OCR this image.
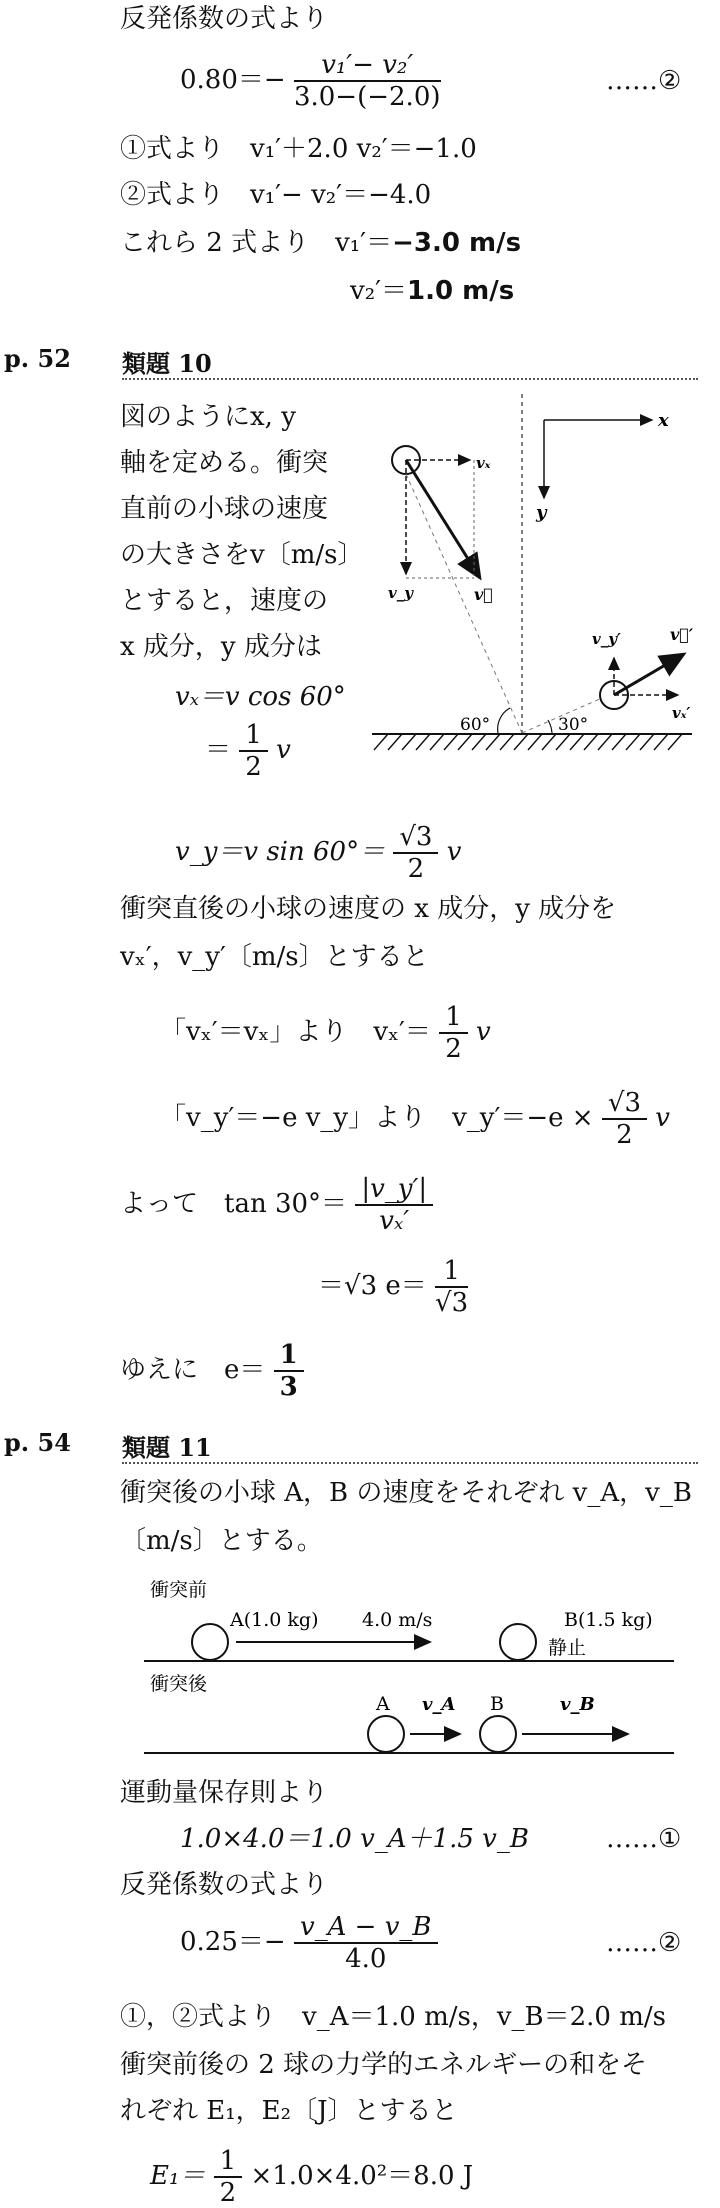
反発係数の式より
$0.80=- \frac{\text{v₁′− v₂′}}{3.0-(-2.0)}$	……②
①式より　v₁′＋2.0 v₂′＝−1.0
②式より　v₁′− v₂′＝−4.0
これら 2 式より　v₁′＝−3.0 m/s
v₂′＝1.0 m/s
p. 52 類題 10
図のようにx, y
軸を定める。衝突
直前の小球の速度
の大きさをv〔m/s〕
とすると，速度の
x 成分，y 成分は
vₓ＝v cos 60°
＝ $\frac{1}{2}$ v
v_y＝v $\sin 60^\circ= \frac{√3}{2}$ v
x
y
vₓ
v_y	v⃗
v_y′	v⃗′
vₓ′
60°	30°
衝突直後の小球の速度の x 成分，y 成分を
vₓ′，v_y′〔m/s〕とすると
「vₓ′＝vₓ」より　$v_x'= \frac{1}{2}$ v
「v_y′＝−e v_y」より　v_y′＝−e × $\frac{√3}{2}$ v
よって　$\tan 30^\circ= \frac{|v\_y'|}{\text{vₓ′}}$
＝√3 $e= \frac{1}{√3}$
ゆえに　$e= \frac{1}{3}$
p. 54 類題 11
衝突後の小球 A，B の速度をそれぞれ v_A，v_B
〔m/s〕とする。
衝突前
A(1.0 kg) 4.0 m/s	B(1.5 kg)
静止
衝突後
A v_A B	v_B
運動量保存則より
1.0×4.0＝1.0 v_A＋1.5 v_B	……①
反発係数の式より
$0.25=- \frac{v\_A - v\_B}{4.0}$	……②
①，②式より　v_A＝1.0 m/s，v_B＝2.0 m/s
衝突前後の 2 球の力学的エネルギーの和をそ
れぞれ E₁，E₂〔J〕とすると
$E_1= \frac{1}{2} \times 1.0\times 4.0^2=8.0$ J
